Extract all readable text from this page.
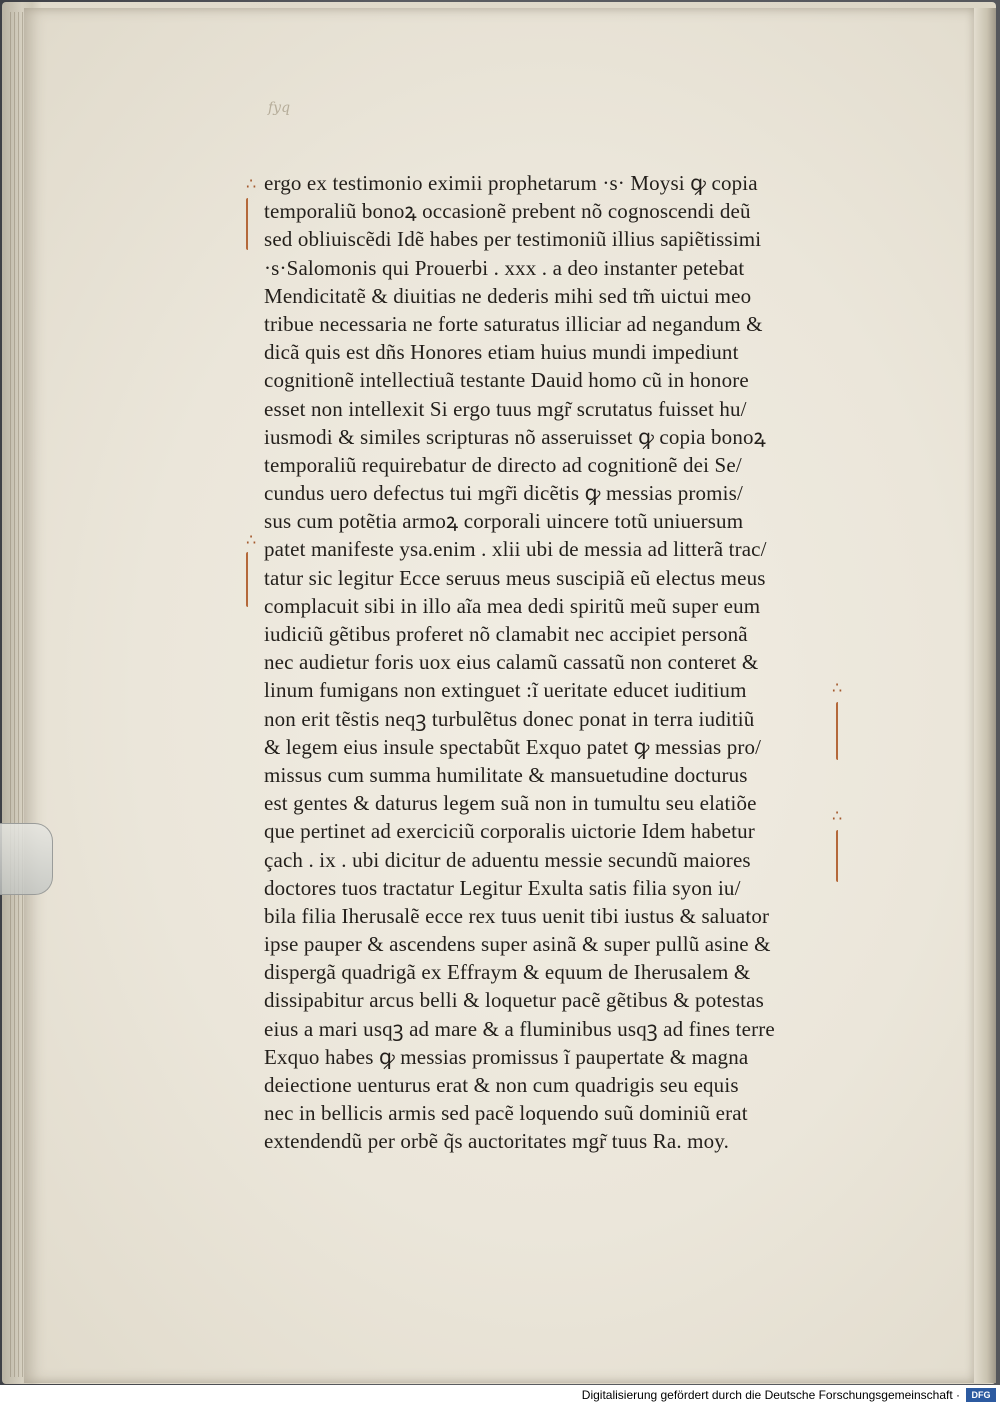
fyq
∴
∴
∴
∴
ergo ex testimonio eximii prophetarum ·s· Moysi ꝙ copia
temporaliũ bonoꝝ occasionẽ prebent nõ cognoscendi deũ
sed obliuiscẽdi Idẽ habes per testimoniũ illius sapiẽtissimi
·s·Salomonis qui Prouerbi . xxx . a deo instanter petebat
Mendicitatẽ & diuitias ne dederis mihi sed tm̃ uictui meo
tribue necessaria ne forte saturatus illiciar ad negandum &
dicã quis est dñs Honores etiam huius mundi impediunt
cognitionẽ intellectiuã testante Dauid homo cũ in honore
esset non intellexit Si ergo tuus mgr̃ scrutatus fuisset hu/
iusmodi & similes scripturas nõ asseruisset ꝙ copia bonoꝝ
temporaliũ requirebatur de directo ad cognitionẽ dei Se/
cundus uero defectus tui mgr̃i dicẽtis ꝙ messias promis/
sus cum potẽtia armoꝝ corporali uincere totũ uniuersum
patet manifeste ysa.enim . xlii ubi de messia ad litterã trac/
tatur sic legitur Ecce seruus meus suscipiã eũ electus meus
complacuit sibi in illo aĩa mea dedi spiritũ meũ super eum
iudiciũ gẽtibus proferet nõ clamabit nec accipiet personã
nec audietur foris uox eius calamũ cassatũ non conteret &
linum fumigans non extinguet :ĩ ueritate educet iuditium
non erit tẽstis neqꝫ turbulẽtus donec ponat in terra iuditiũ
& legem eius insule spectabũt Exquo patet ꝙ messias pro/
missus cum summa humilitate & mansuetudine docturus
est gentes & daturus legem suã non in tumultu seu elatiõe
que pertinet ad exerciciũ corporalis uictorie Idem habetur
çach . ix . ubi dicitur de aduentu messie secundũ maiores
doctores tuos tractatur Legitur Exulta satis filia syon iu/
bila filia Iherusalẽ ecce rex tuus uenit tibi iustus & saluator
ipse pauper & ascendens super asinã & super pullũ asine &
dispergã quadrigã ex Effraym & equum de Iherusalem &
dissipabitur arcus belli & loquetur pacẽ gẽtibus & potestas
eius a mari usqꝫ ad mare & a fluminibus usqꝫ ad fines terre
Exquo habes ꝙ messias promissus ĩ paupertate & magna
deiectione uenturus erat & non cum quadrigis seu equis
nec in bellicis armis sed pacẽ loquendo suũ dominiũ erat
extendendũ per orbẽ q̃s auctoritates mgr̃ tuus Ra. moy.
Digitalisierung gefördert durch die Deutsche Forschungsgemeinschaft ·	DFG
